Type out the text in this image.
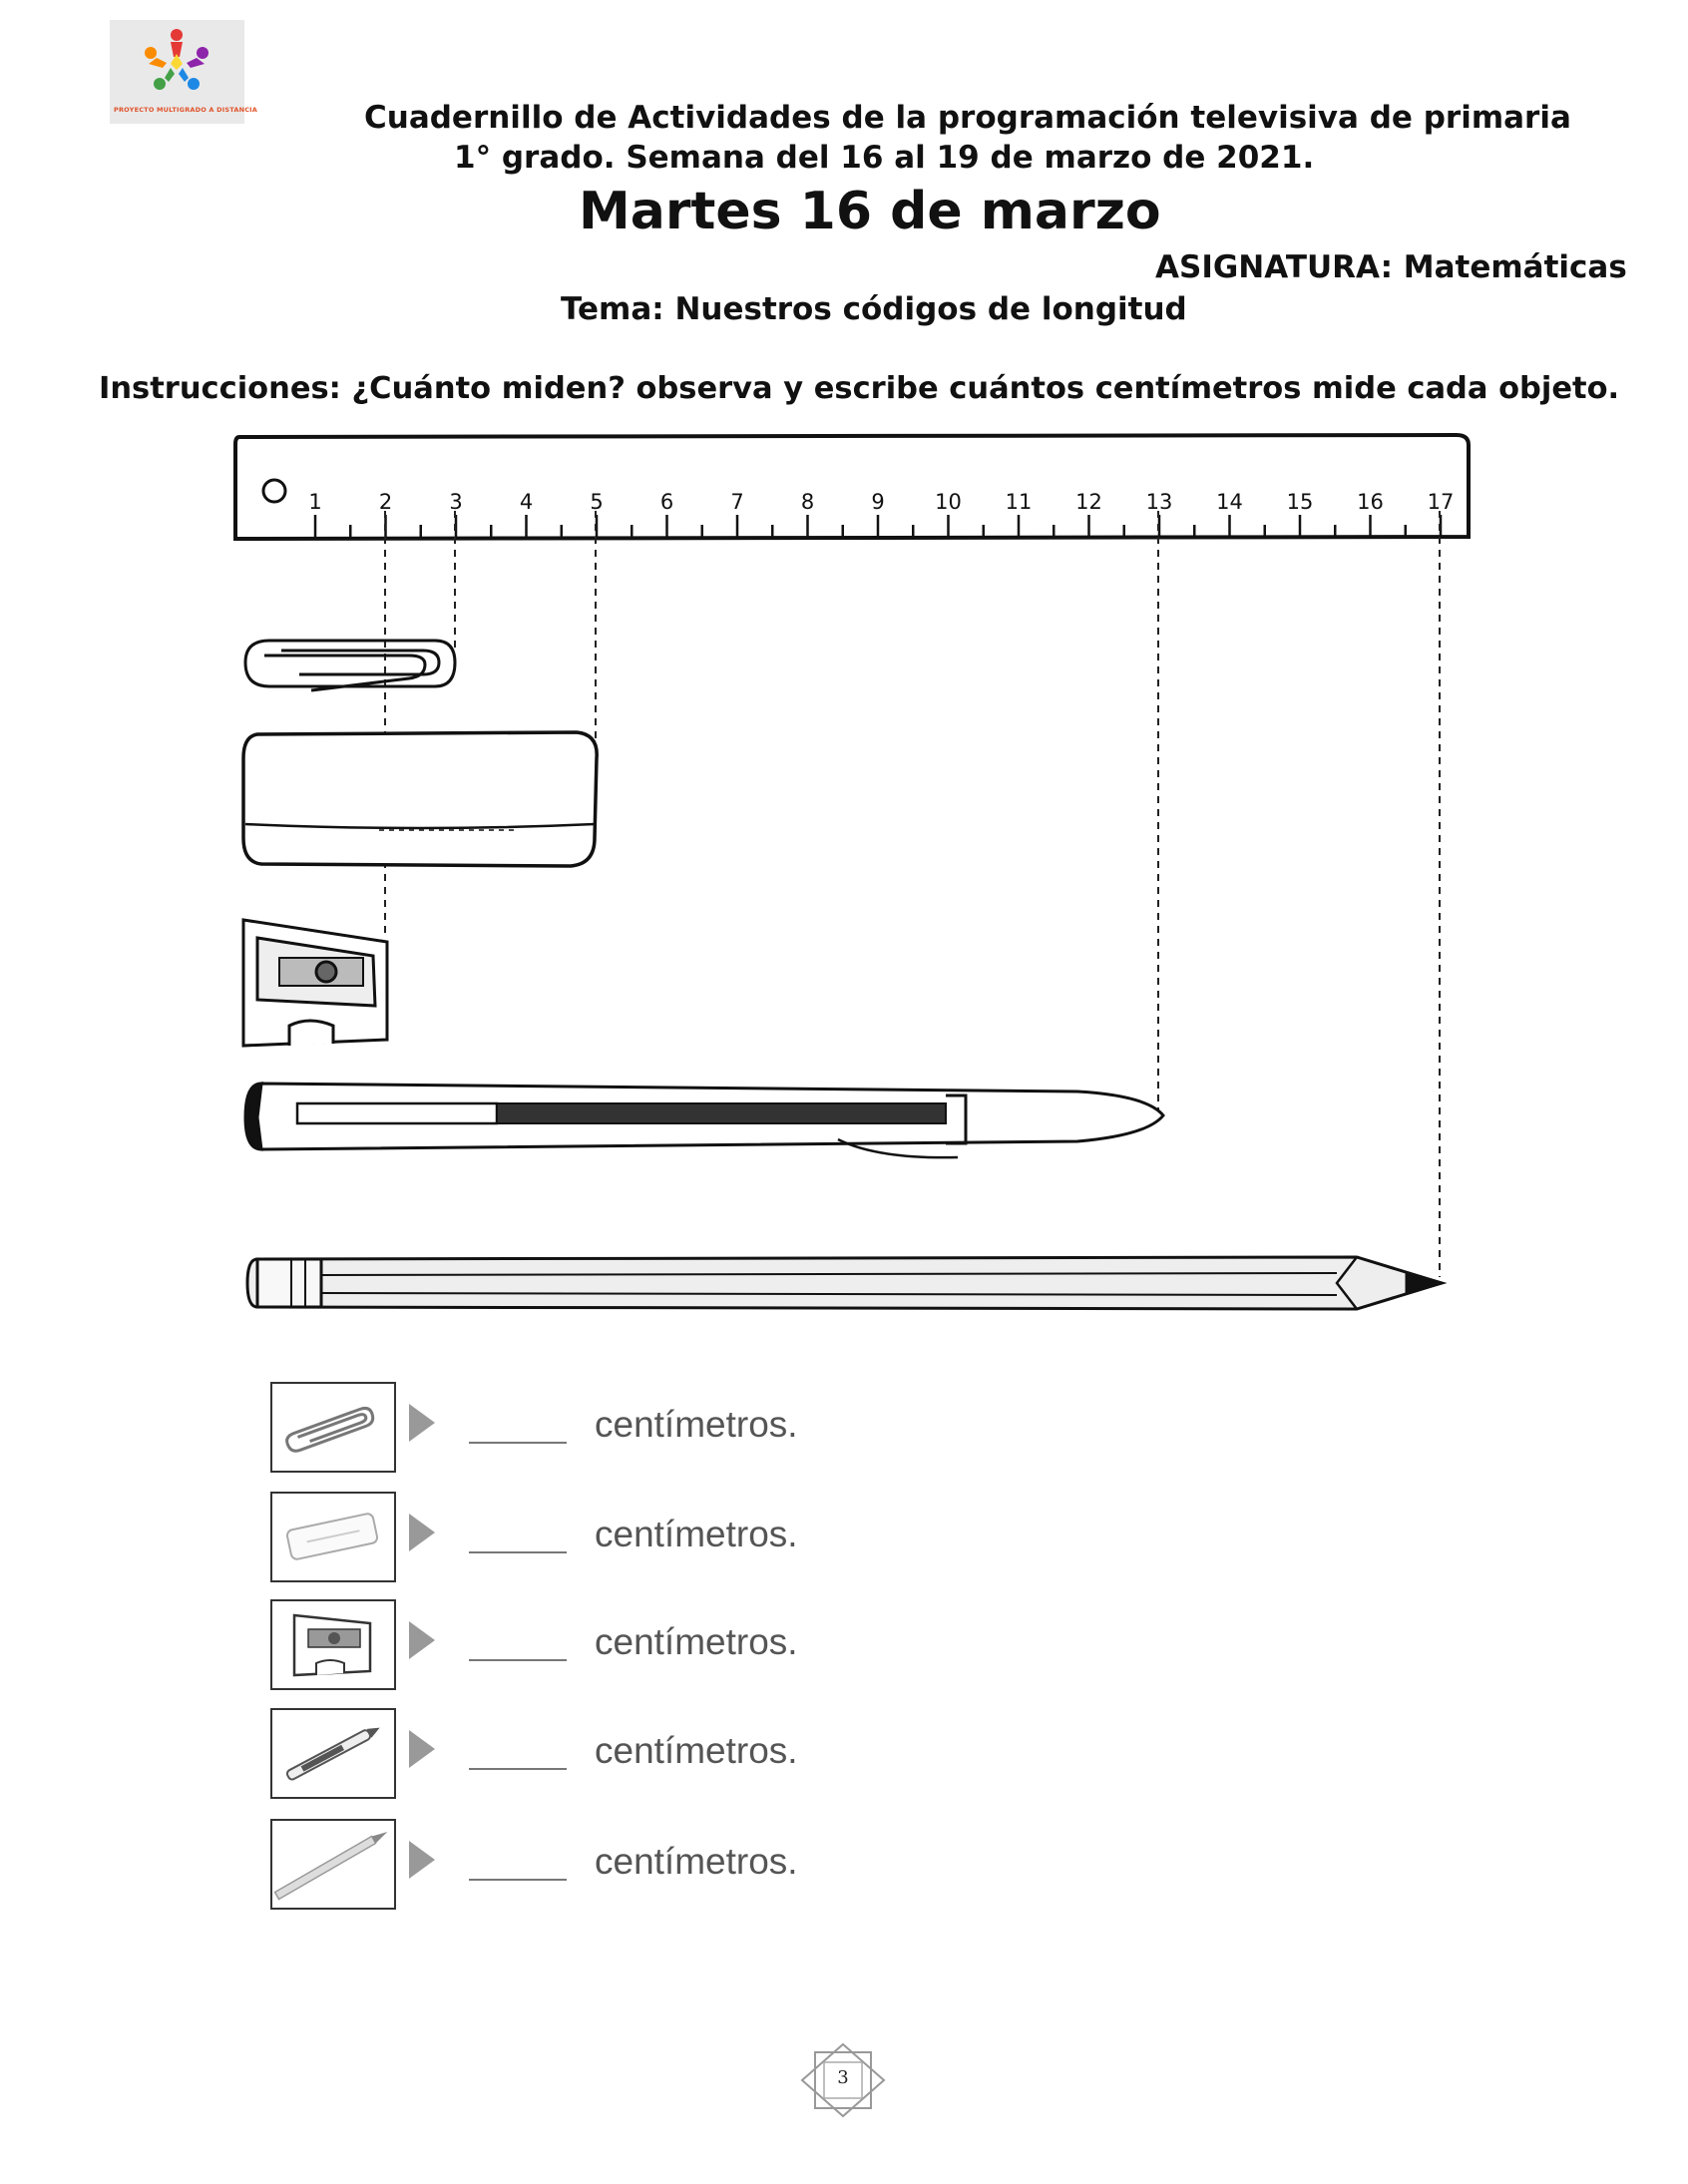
PROYECTO MULTIGRADO A DISTANCIA	Cuadernillo de Actividades de la programación televisiva de primaria
1° grado. Semana del 16 al 19 de marzo de 2021.
Martes 16 de marzo
ASIGNATURA: Matemáticas
Tema: Nuestros códigos de longitud
Instrucciones: ¿Cuánto miden? observa y escribe cuántos centímetros mide cada objeto.
1	2	3	4	5	6	7	8	9 10 11 12 13 14 15 16 17
centímetros.
centímetros.
centímetros.
centímetros.
centímetros.
3
